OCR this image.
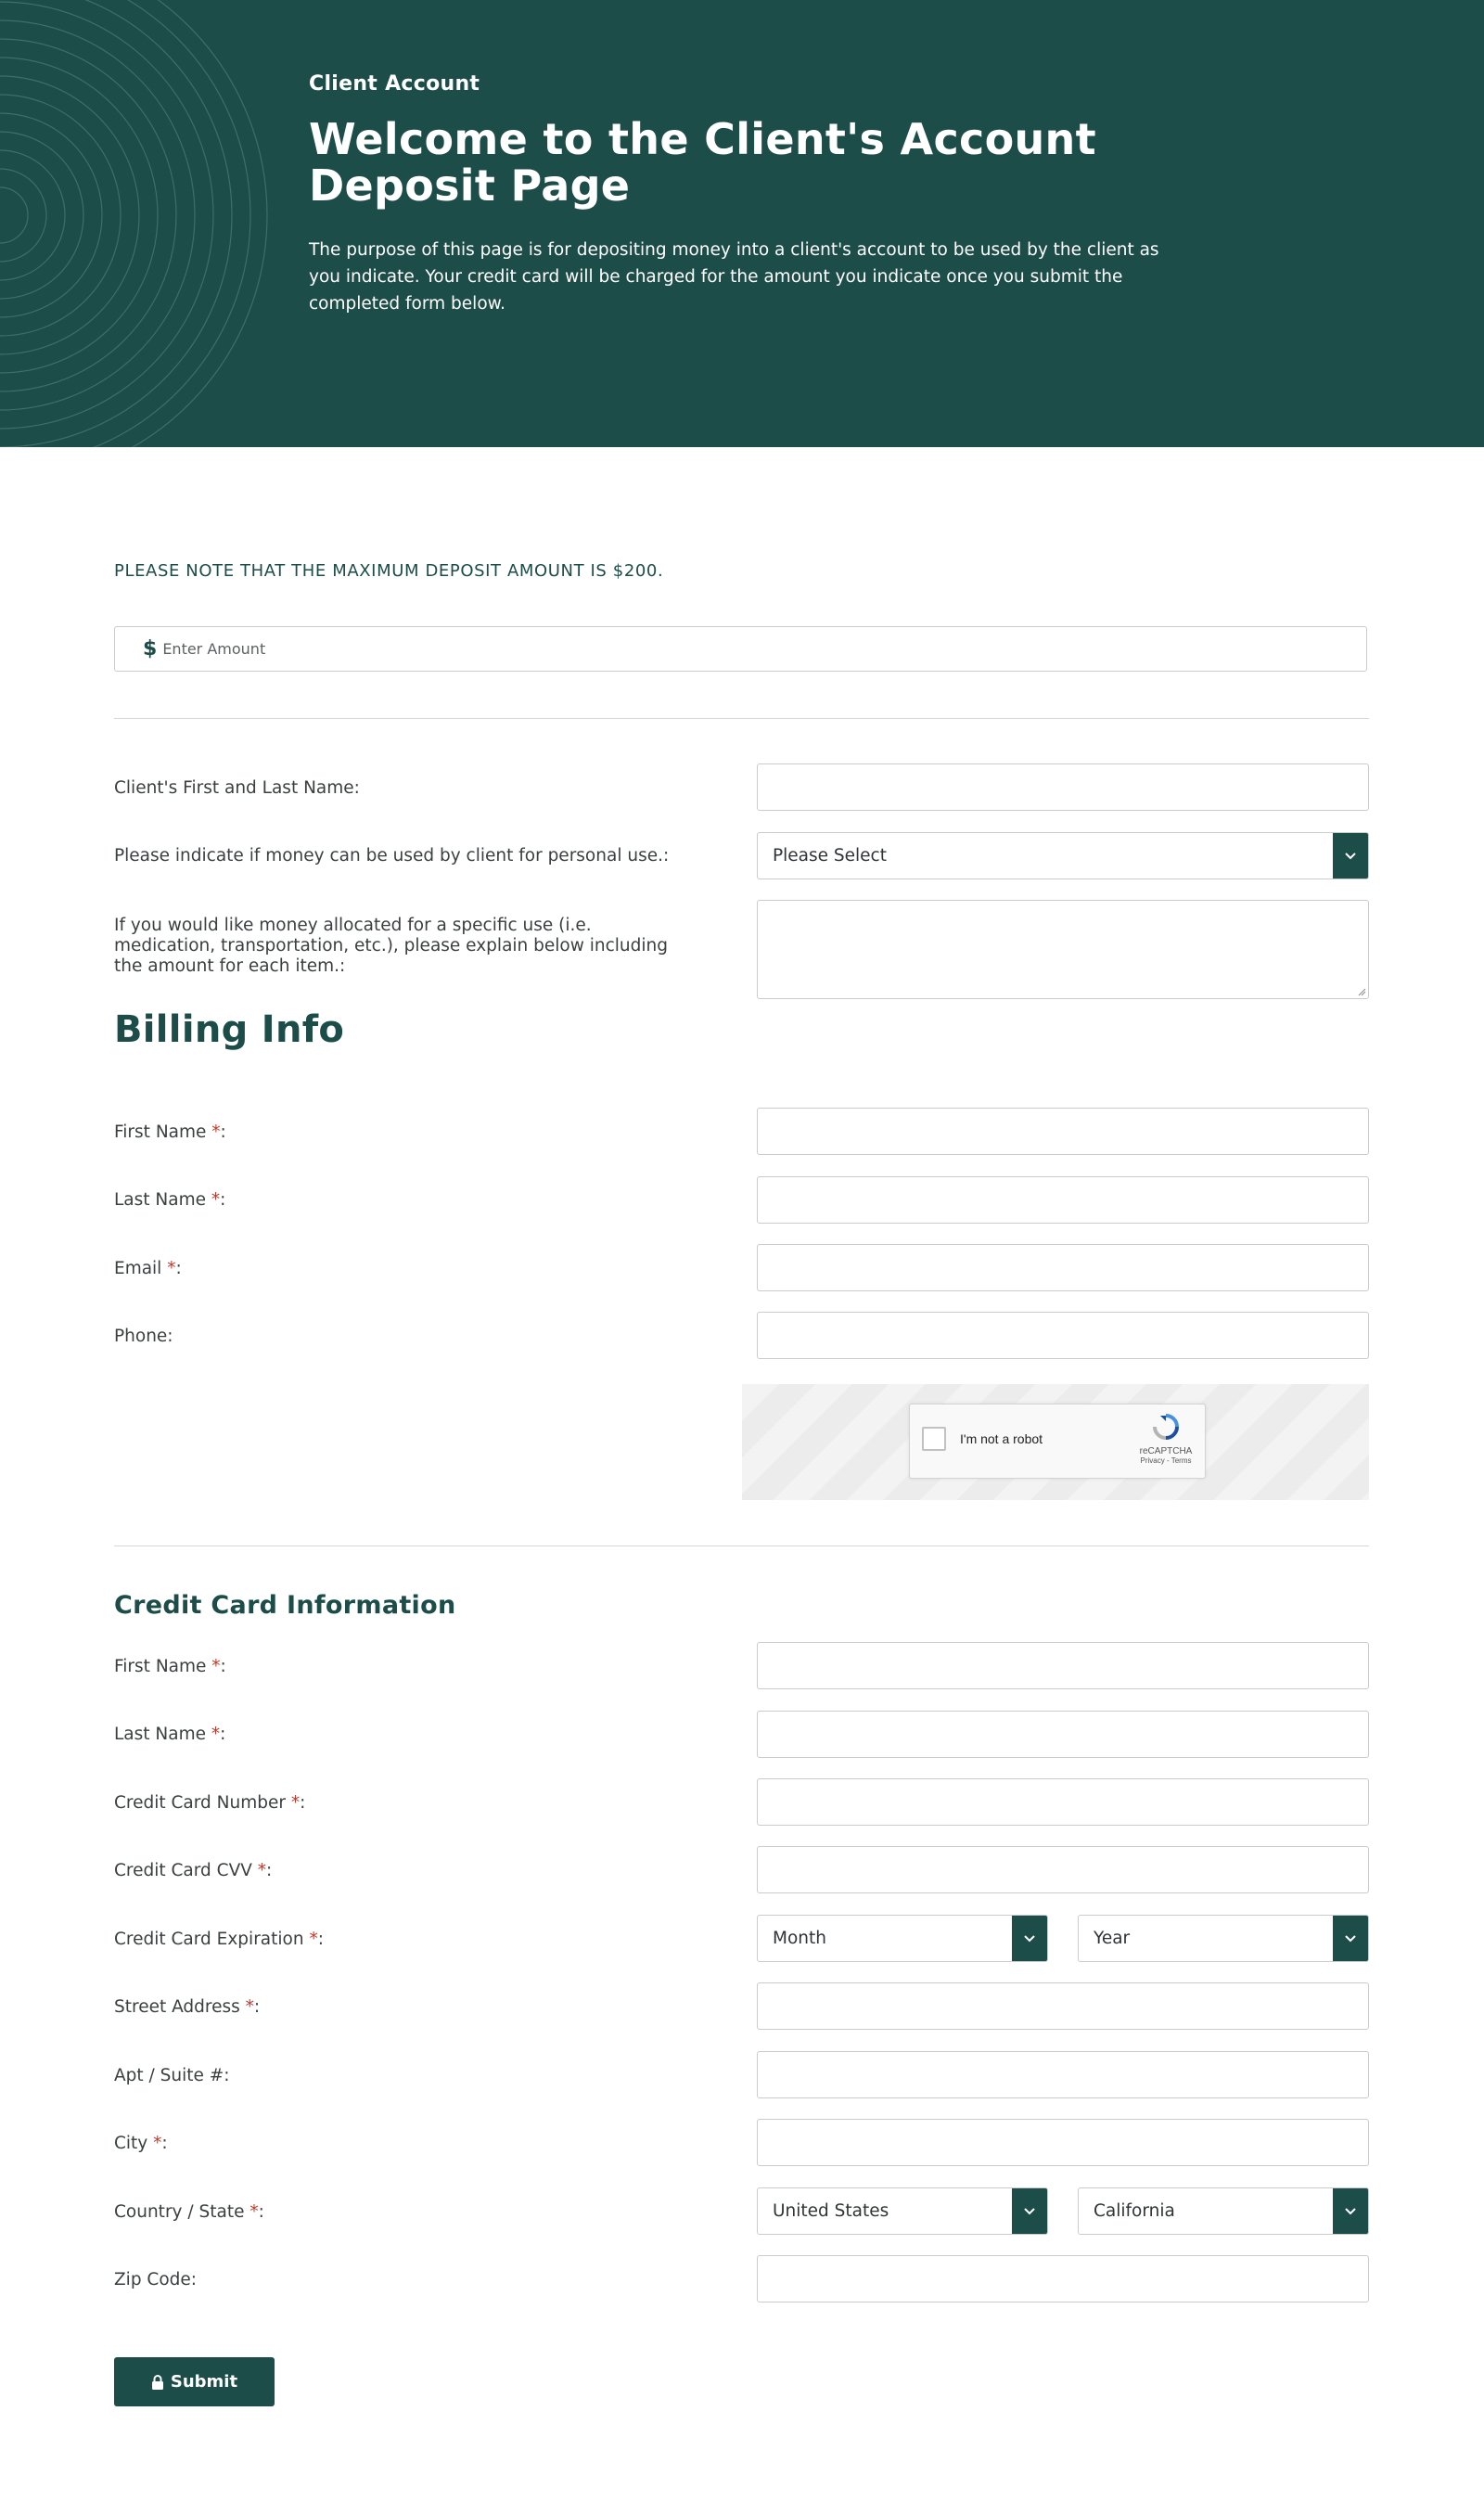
Client Account
Welcome to the Client's Account
Deposit Page

The purpose of this page is for depositing money into a client's account to be used by the client as you indicate. Your credit card will be charged for the amount you indicate once you submit the completed form below.

PLEASE NOTE THAT THE MAXIMUM DEPOSIT AMOUNT IS $200.
$
Enter Amount
Client's First and Last Name:
Please indicate if money can be used by client for personal use.:	Please Select
If you would like money allocated for a specific use (i.e.
medication, transportation, etc.), please explain below including
the amount for each item.:
Billing Info
First Name *:
Last Name *:
Email *:
Phone:
I'm not a robot
reCAPTCHA
Privacy - Terms
Credit Card Information
First Name *:
Last Name *:
Credit Card Number *:
Credit Card CVV *:
Credit Card Expiration *:	Month	Year
Street Address *:
Apt / Suite #:
City *:
Country / State *:	United States	California
Zip Code:
Submit
